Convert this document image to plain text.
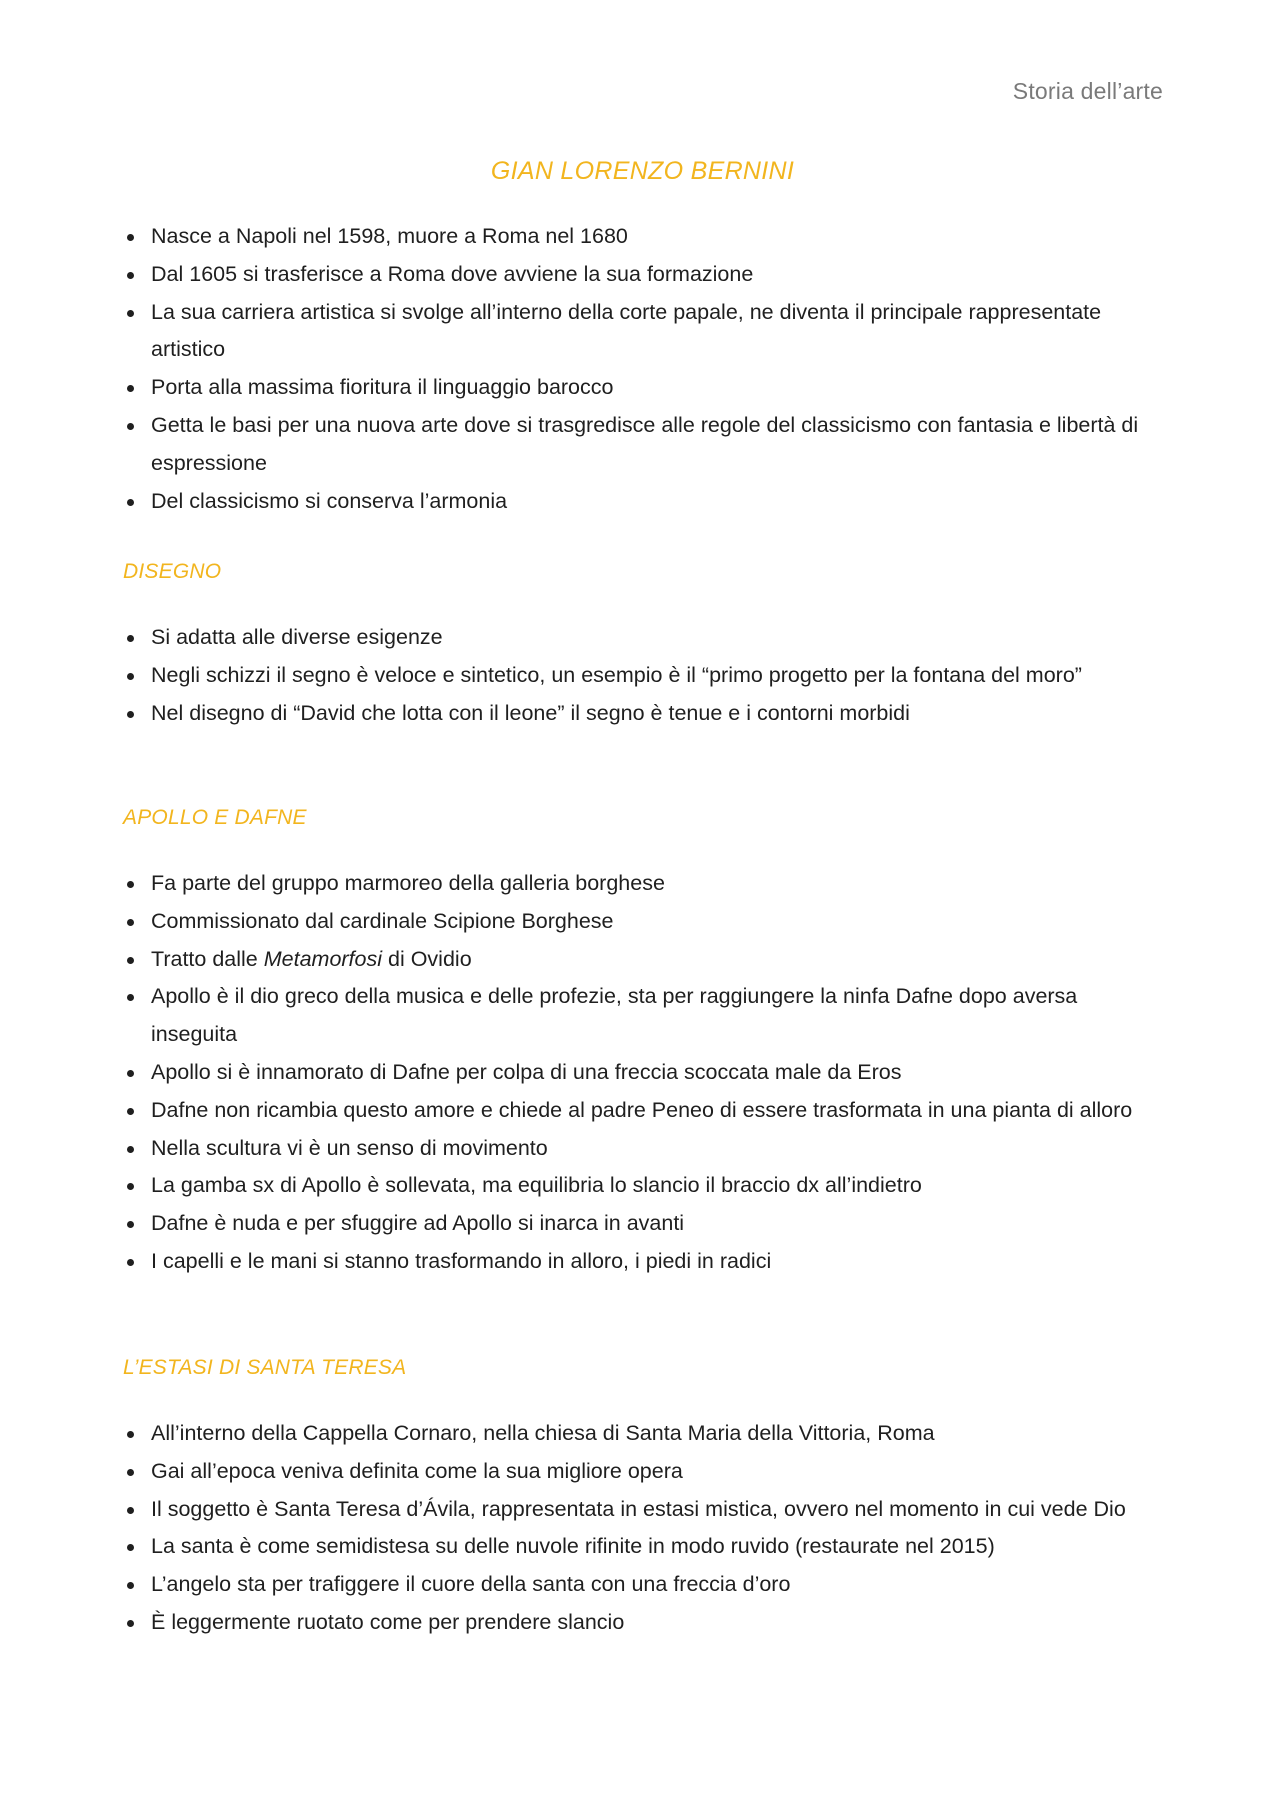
Storia dell’arte
GIAN LORENZO BERNINI
Nasce a Napoli nel 1598, muore a Roma nel 1680
Dal 1605 si trasferisce a Roma dove avviene la sua formazione
La sua carriera artistica si svolge all’interno della corte papale, ne diventa il principale rappresentate artistico
Porta alla massima fioritura il linguaggio barocco
Getta le basi per una nuova arte dove si trasgredisce alle regole del classicismo con fantasia e libertà di espressione
Del classicismo si conserva l’armonia
DISEGNO
Si adatta alle diverse esigenze
Negli schizzi il segno è veloce e sintetico, un esempio è il “primo progetto per la fontana del moro”
Nel disegno di “David che lotta con il leone” il segno è tenue e i contorni morbidi
APOLLO E DAFNE
Fa parte del gruppo marmoreo della galleria borghese
Commissionato dal cardinale Scipione Borghese
Tratto dalle Metamorfosi di Ovidio
Apollo è il dio greco della musica e delle profezie, sta per raggiungere la ninfa Dafne dopo aversa inseguita
Apollo si è innamorato di Dafne per colpa di una freccia scoccata male da Eros
Dafne non ricambia questo amore e chiede al padre Peneo di essere trasformata in una pianta di alloro
Nella scultura vi è un senso di movimento
La gamba sx di Apollo è sollevata, ma equilibria lo slancio il braccio dx all’indietro
Dafne è nuda e per sfuggire ad Apollo si inarca in avanti
I capelli e le mani si stanno trasformando in alloro, i piedi in radici
L’ESTASI DI SANTA TERESA
All’interno della Cappella Cornaro, nella chiesa di Santa Maria della Vittoria, Roma
Gai all’epoca veniva definita come la sua migliore opera
Il soggetto è Santa Teresa d’Ávila, rappresentata in estasi mistica, ovvero nel momento in cui vede Dio
La santa è come semidistesa su delle nuvole rifinite in modo ruvido (restaurate nel 2015)
L’angelo sta per trafiggere il cuore della santa con una freccia d’oro
È leggermente ruotato come per prendere slancio
